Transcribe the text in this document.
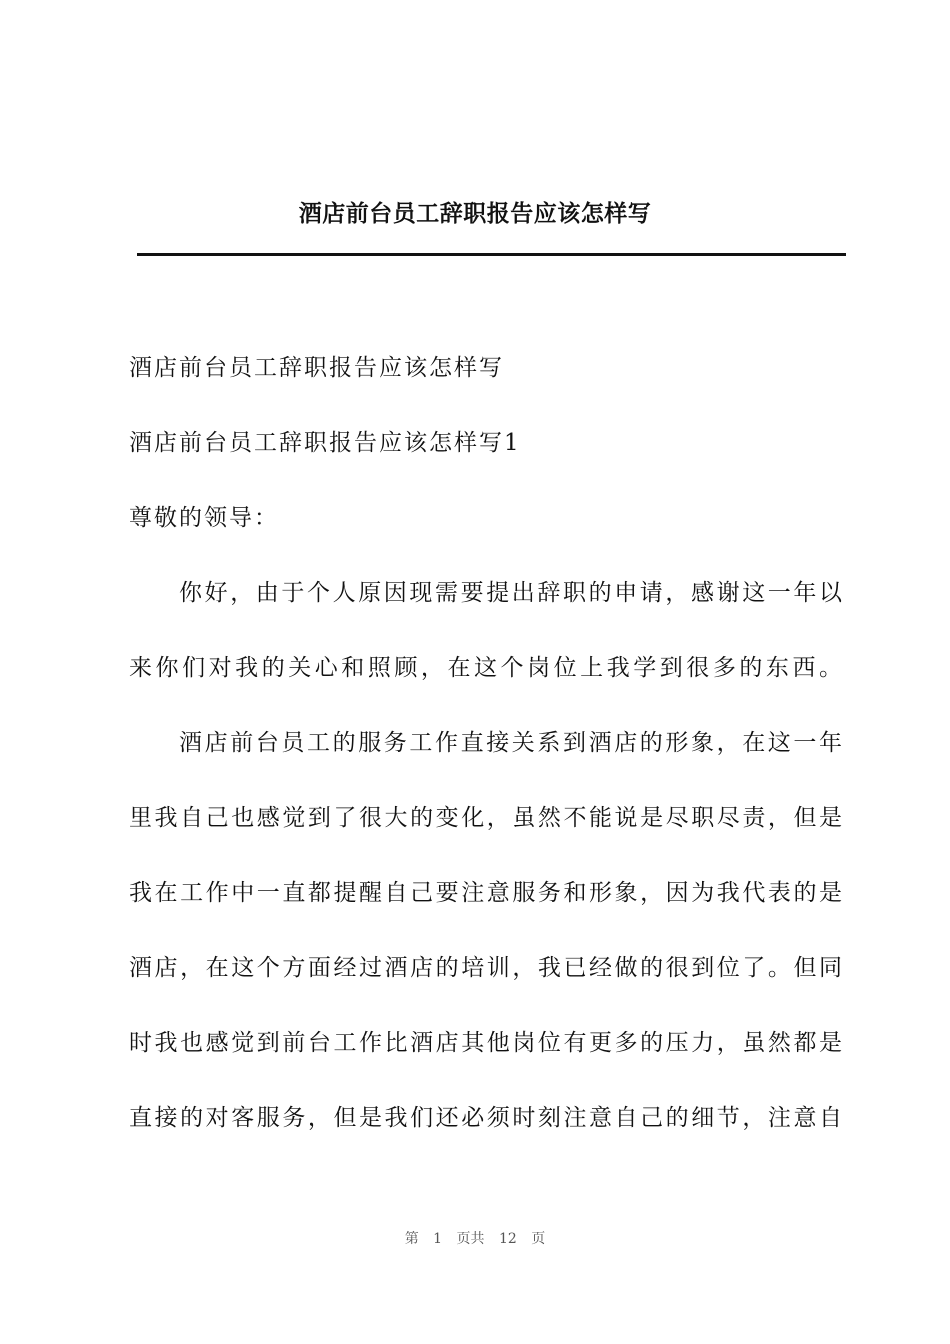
酒店前台员工辞职报告应该怎样写
酒店前台员工辞职报告应该怎样写
酒店前台员工辞职报告应该怎样写1
尊敬的领导：
你好，由于个人原因现需要提出辞职的申请，感谢这一年以
来你们对我的关心和照顾，在这个岗位上我学到很多的东西。
酒店前台员工的服务工作直接关系到酒店的形象，在这一年
里我自己也感觉到了很大的变化，虽然不能说是尽职尽责，但是
我在工作中一直都提醒自己要注意服务和形象，因为我代表的是
酒店，在这个方面经过酒店的培训，我已经做的很到位了。但同
时我也感觉到前台工作比酒店其他岗位有更多的压力，虽然都是
直接的对客服务，但是我们还必须时刻注意自己的细节，注意自
第 1 页共 12 页
